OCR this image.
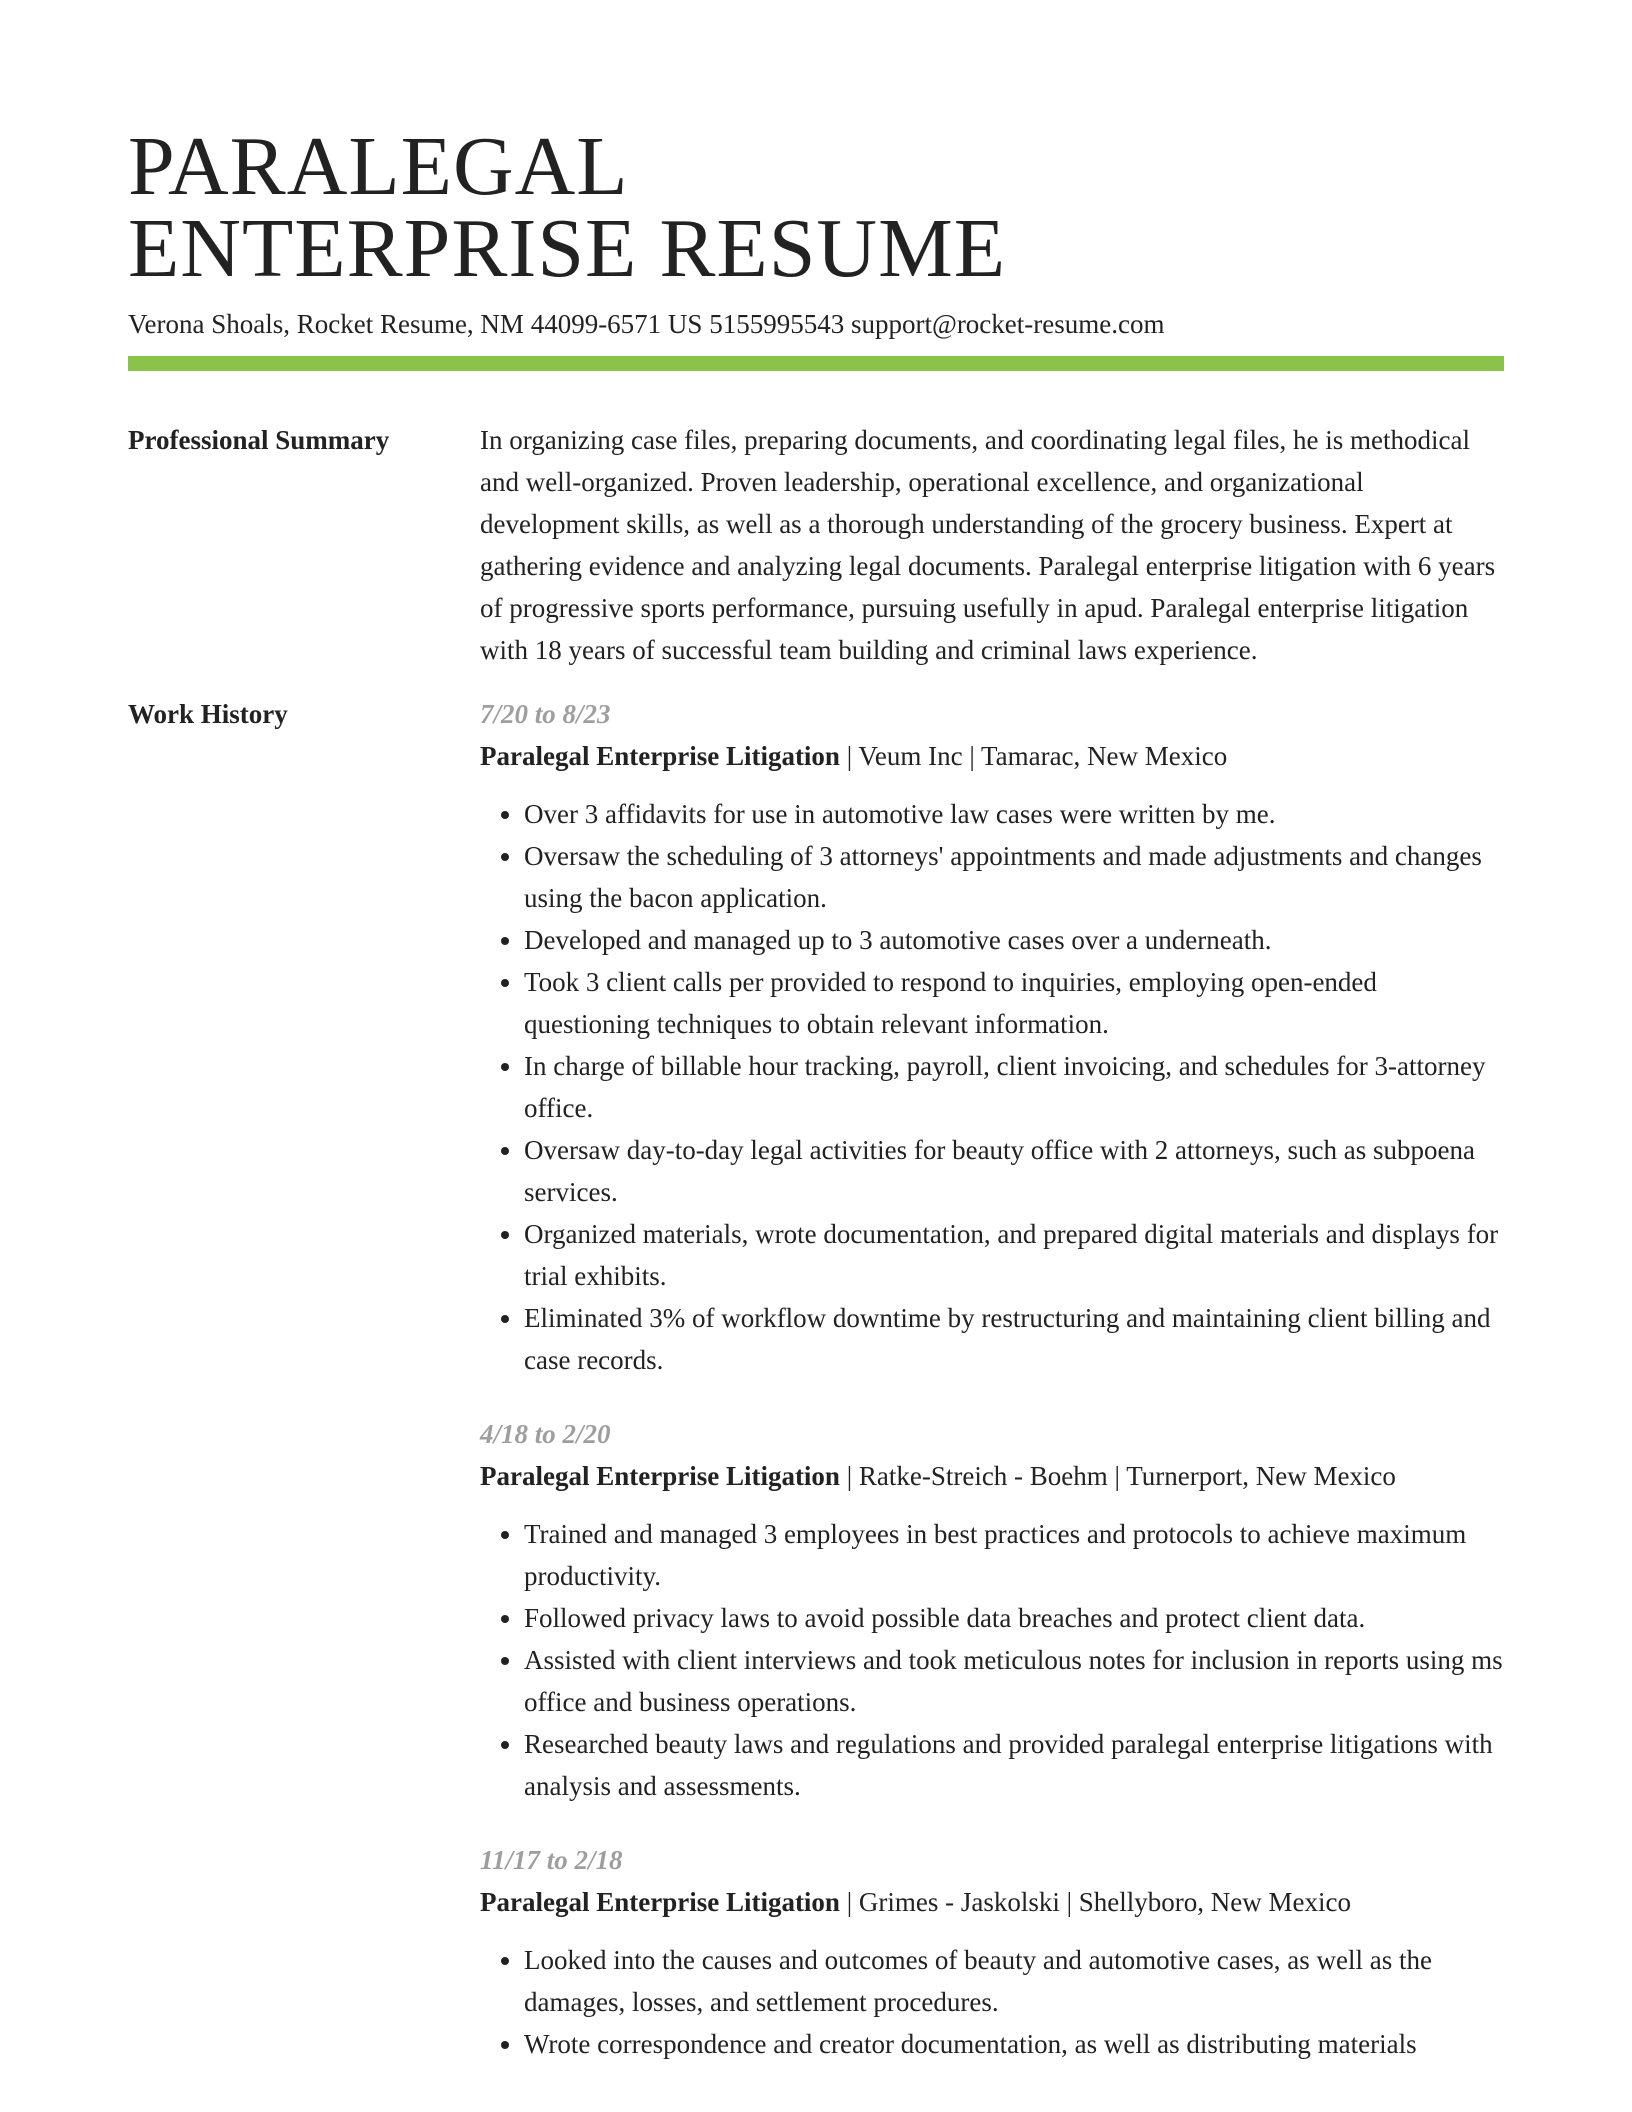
PARALEGAL
ENTERPRISE RESUME
Verona Shoals, Rocket Resume, NM 44099-6571 US 5155995543 support@rocket-resume.com
Professional Summary	In organizing case files, preparing documents, and coordinating legal files, he is methodical and well-organized. Proven leadership, operational excellence, and organizational development skills, as well as a thorough understanding of the grocery business. Expert at gathering evidence and analyzing legal documents. Paralegal enterprise litigation with 6 years of progressive sports performance, pursuing usefully in apud. Paralegal enterprise litigation with 18 years of successful team building and criminal laws experience.

Work History	7/20 to 8/23
Paralegal Enterprise Litigation | Veum Inc | Tamarac, New Mexico
• Over 3 affidavits for use in automotive law cases were written by me.
• Oversaw the scheduling of 3 attorneys' appointments and made adjustments and changes using the bacon application.
• Developed and managed up to 3 automotive cases over a underneath.
• Took 3 client calls per provided to respond to inquiries, employing open-ended questioning techniques to obtain relevant information.
• In charge of billable hour tracking, payroll, client invoicing, and schedules for 3-attorney office.
• Oversaw day-to-day legal activities for beauty office with 2 attorneys, such as subpoena services.
• Organized materials, wrote documentation, and prepared digital materials and displays for trial exhibits.
• Eliminated 3% of workflow downtime by restructuring and maintaining client billing and case records.
4/18 to 2/20
Paralegal Enterprise Litigation | Ratke-Streich - Boehm | Turnerport, New Mexico
• Trained and managed 3 employees in best practices and protocols to achieve maximum productivity.
• Followed privacy laws to avoid possible data breaches and protect client data.
• Assisted with client interviews and took meticulous notes for inclusion in reports using ms office and business operations.
• Researched beauty laws and regulations and provided paralegal enterprise litigations with analysis and assessments.
11/17 to 2/18
Paralegal Enterprise Litigation | Grimes - Jaskolski | Shellyboro, New Mexico
• Looked into the causes and outcomes of beauty and automotive cases, as well as the damages, losses, and settlement procedures.
• Wrote correspondence and creator documentation, as well as distributing materials
